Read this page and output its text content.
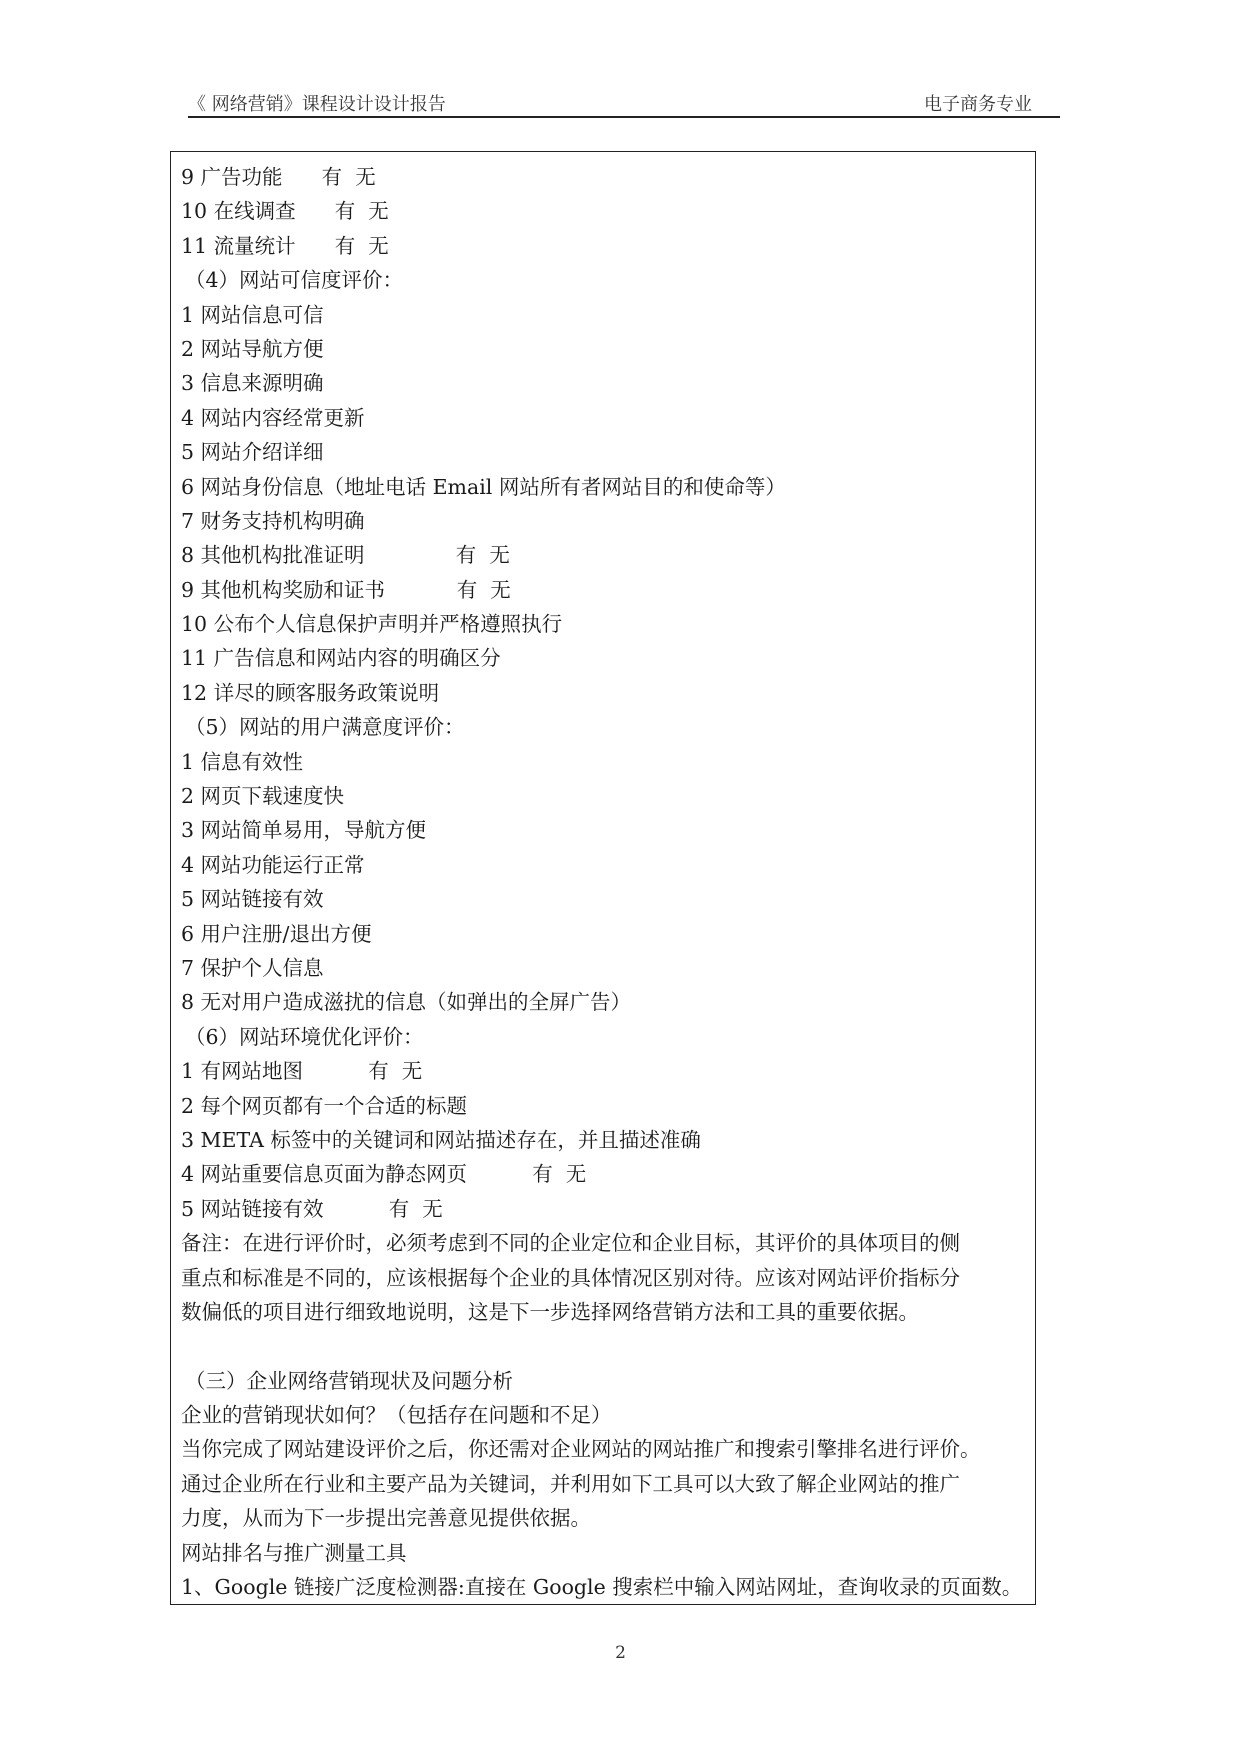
《 网络营销》课程设计设计报告	电子商务专业
9 广告功能      有  无
10 在线调查      有  无
11 流量统计      有  无
（4）网站可信度评价：
1 网站信息可信
2 网站导航方便
3 信息来源明确
4 网站内容经常更新
5 网站介绍详细
6 网站身份信息（地址电话 Email 网站所有者网站目的和使命等）
7 财务支持机构明确
8 其他机构批准证明              有  无
9 其他机构奖励和证书           有  无
10 公布个人信息保护声明并严格遵照执行
11 广告信息和网站内容的明确区分
12 详尽的顾客服务政策说明
（5）网站的用户满意度评价：
1 信息有效性
2 网页下载速度快
3 网站简单易用，导航方便
4 网站功能运行正常
5 网站链接有效
6 用户注册/退出方便
7 保护个人信息
8 无对用户造成滋扰的信息（如弹出的全屏广告）
（6）网站环境优化评价：
1 有网站地图          有  无
2 每个网页都有一个合适的标题
3 META 标签中的关键词和网站描述存在，并且描述准确
4 网站重要信息页面为静态网页          有  无
5 网站链接有效          有  无
备注：在进行评价时，必须考虑到不同的企业定位和企业目标，其评价的具体项目的侧
重点和标准是不同的，应该根据每个企业的具体情况区别对待。应该对网站评价指标分
数偏低的项目进行细致地说明，这是下一步选择网络营销方法和工具的重要依据。
（三）企业网络营销现状及问题分析
企业的营销现状如何？（包括存在问题和不足）
当你完成了网站建设评价之后，你还需对企业网站的网站推广和搜索引擎排名进行评价。
通过企业所在行业和主要产品为关键词，并利用如下工具可以大致了解企业网站的推广
力度，从而为下一步提出完善意见提供依据。
网站排名与推广测量工具
1、Google 链接广泛度检测器:直接在 Google 搜索栏中输入网站网址，查询收录的页面数。
2
